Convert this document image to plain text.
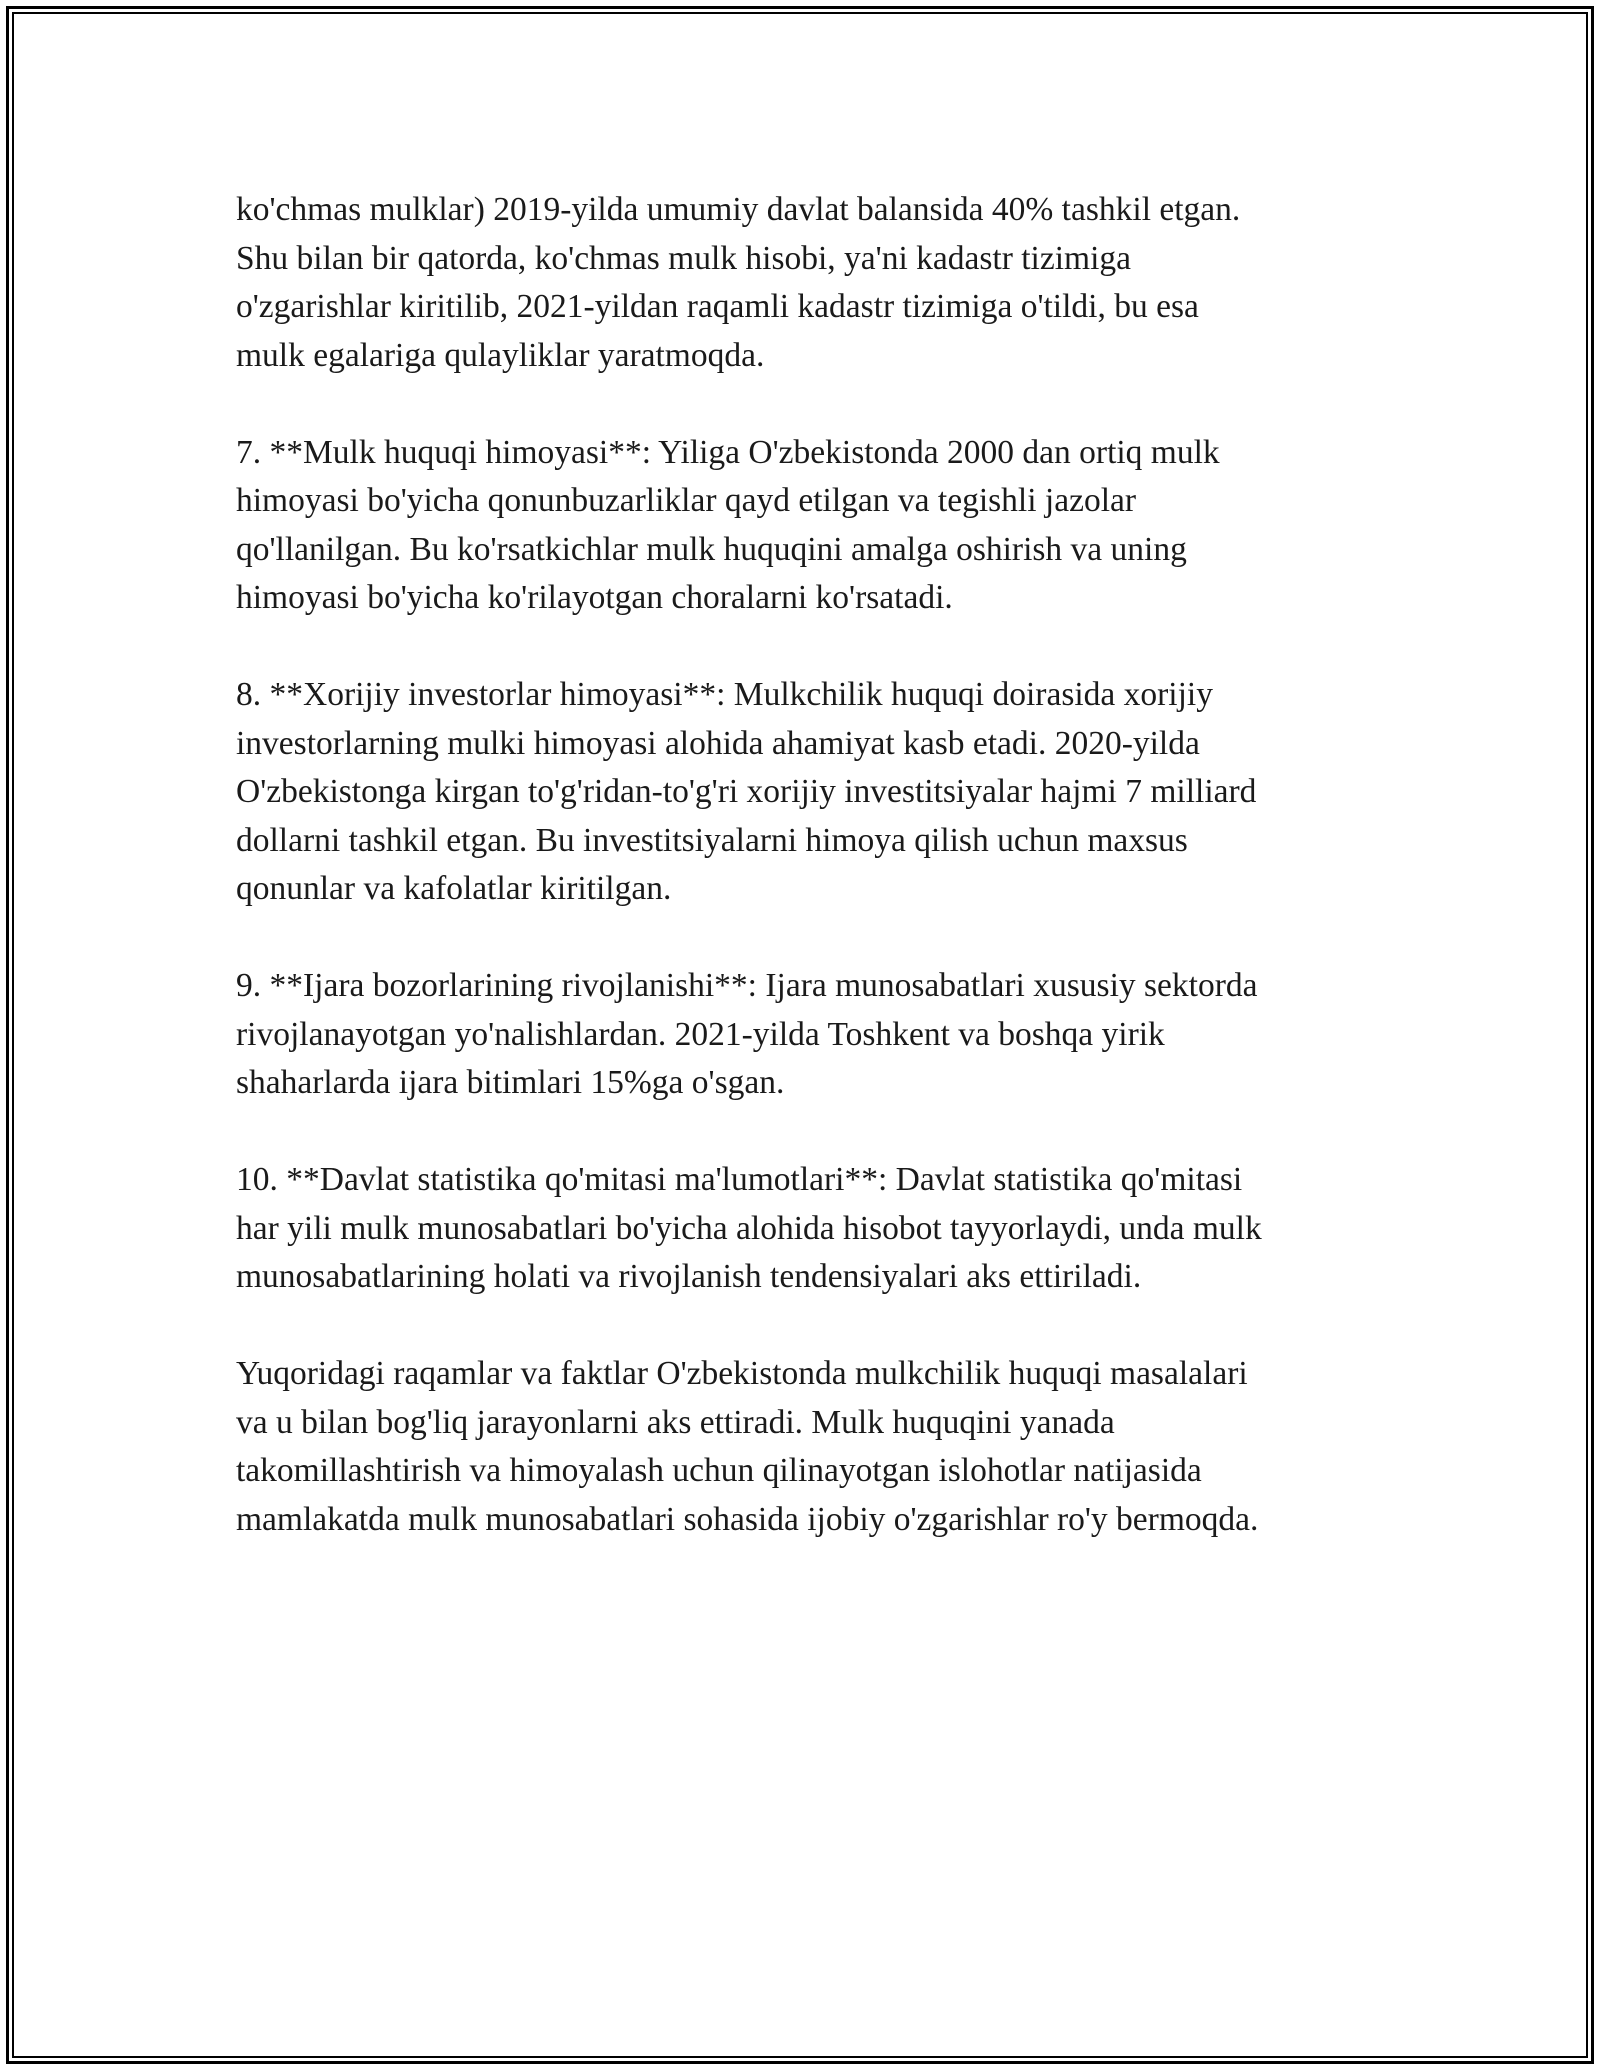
ko'chmas mulklar) 2019-yilda umumiy davlat balansida 40% tashkil etgan.
Shu bilan bir qatorda, ko'chmas mulk hisobi, ya'ni kadastr tizimiga
o'zgarishlar kiritilib, 2021-yildan raqamli kadastr tizimiga o'tildi, bu esa
mulk egalariga qulayliklar yaratmoqda.

7. **Mulk huquqi himoyasi**: Yiliga O'zbekistonda 2000 dan ortiq mulk
himoyasi bo'yicha qonunbuzarliklar qayd etilgan va tegishli jazolar
qo'llanilgan. Bu ko'rsatkichlar mulk huquqini amalga oshirish va uning
himoyasi bo'yicha ko'rilayotgan choralarni ko'rsatadi.

8. **Xorijiy investorlar himoyasi**: Mulkchilik huquqi doirasida xorijiy
investorlarning mulki himoyasi alohida ahamiyat kasb etadi. 2020-yilda
O'zbekistonga kirgan to'g'ridan-to'g'ri xorijiy investitsiyalar hajmi 7 milliard
dollarni tashkil etgan. Bu investitsiyalarni himoya qilish uchun maxsus
qonunlar va kafolatlar kiritilgan.

9. **Ijara bozorlarining rivojlanishi**: Ijara munosabatlari xususiy sektorda
rivojlanayotgan yo'nalishlardan. 2021-yilda Toshkent va boshqa yirik
shaharlarda ijara bitimlari 15%ga o'sgan.

10. **Davlat statistika qo'mitasi ma'lumotlari**: Davlat statistika qo'mitasi
har yili mulk munosabatlari bo'yicha alohida hisobot tayyorlaydi, unda mulk
munosabatlarining holati va rivojlanish tendensiyalari aks ettiriladi.

Yuqoridagi raqamlar va faktlar O'zbekistonda mulkchilik huquqi masalalari
va u bilan bog'liq jarayonlarni aks ettiradi. Mulk huquqini yanada
takomillashtirish va himoyalash uchun qilinayotgan islohotlar natijasida
mamlakatda mulk munosabatlari sohasida ijobiy o'zgarishlar ro'y bermoqda.
